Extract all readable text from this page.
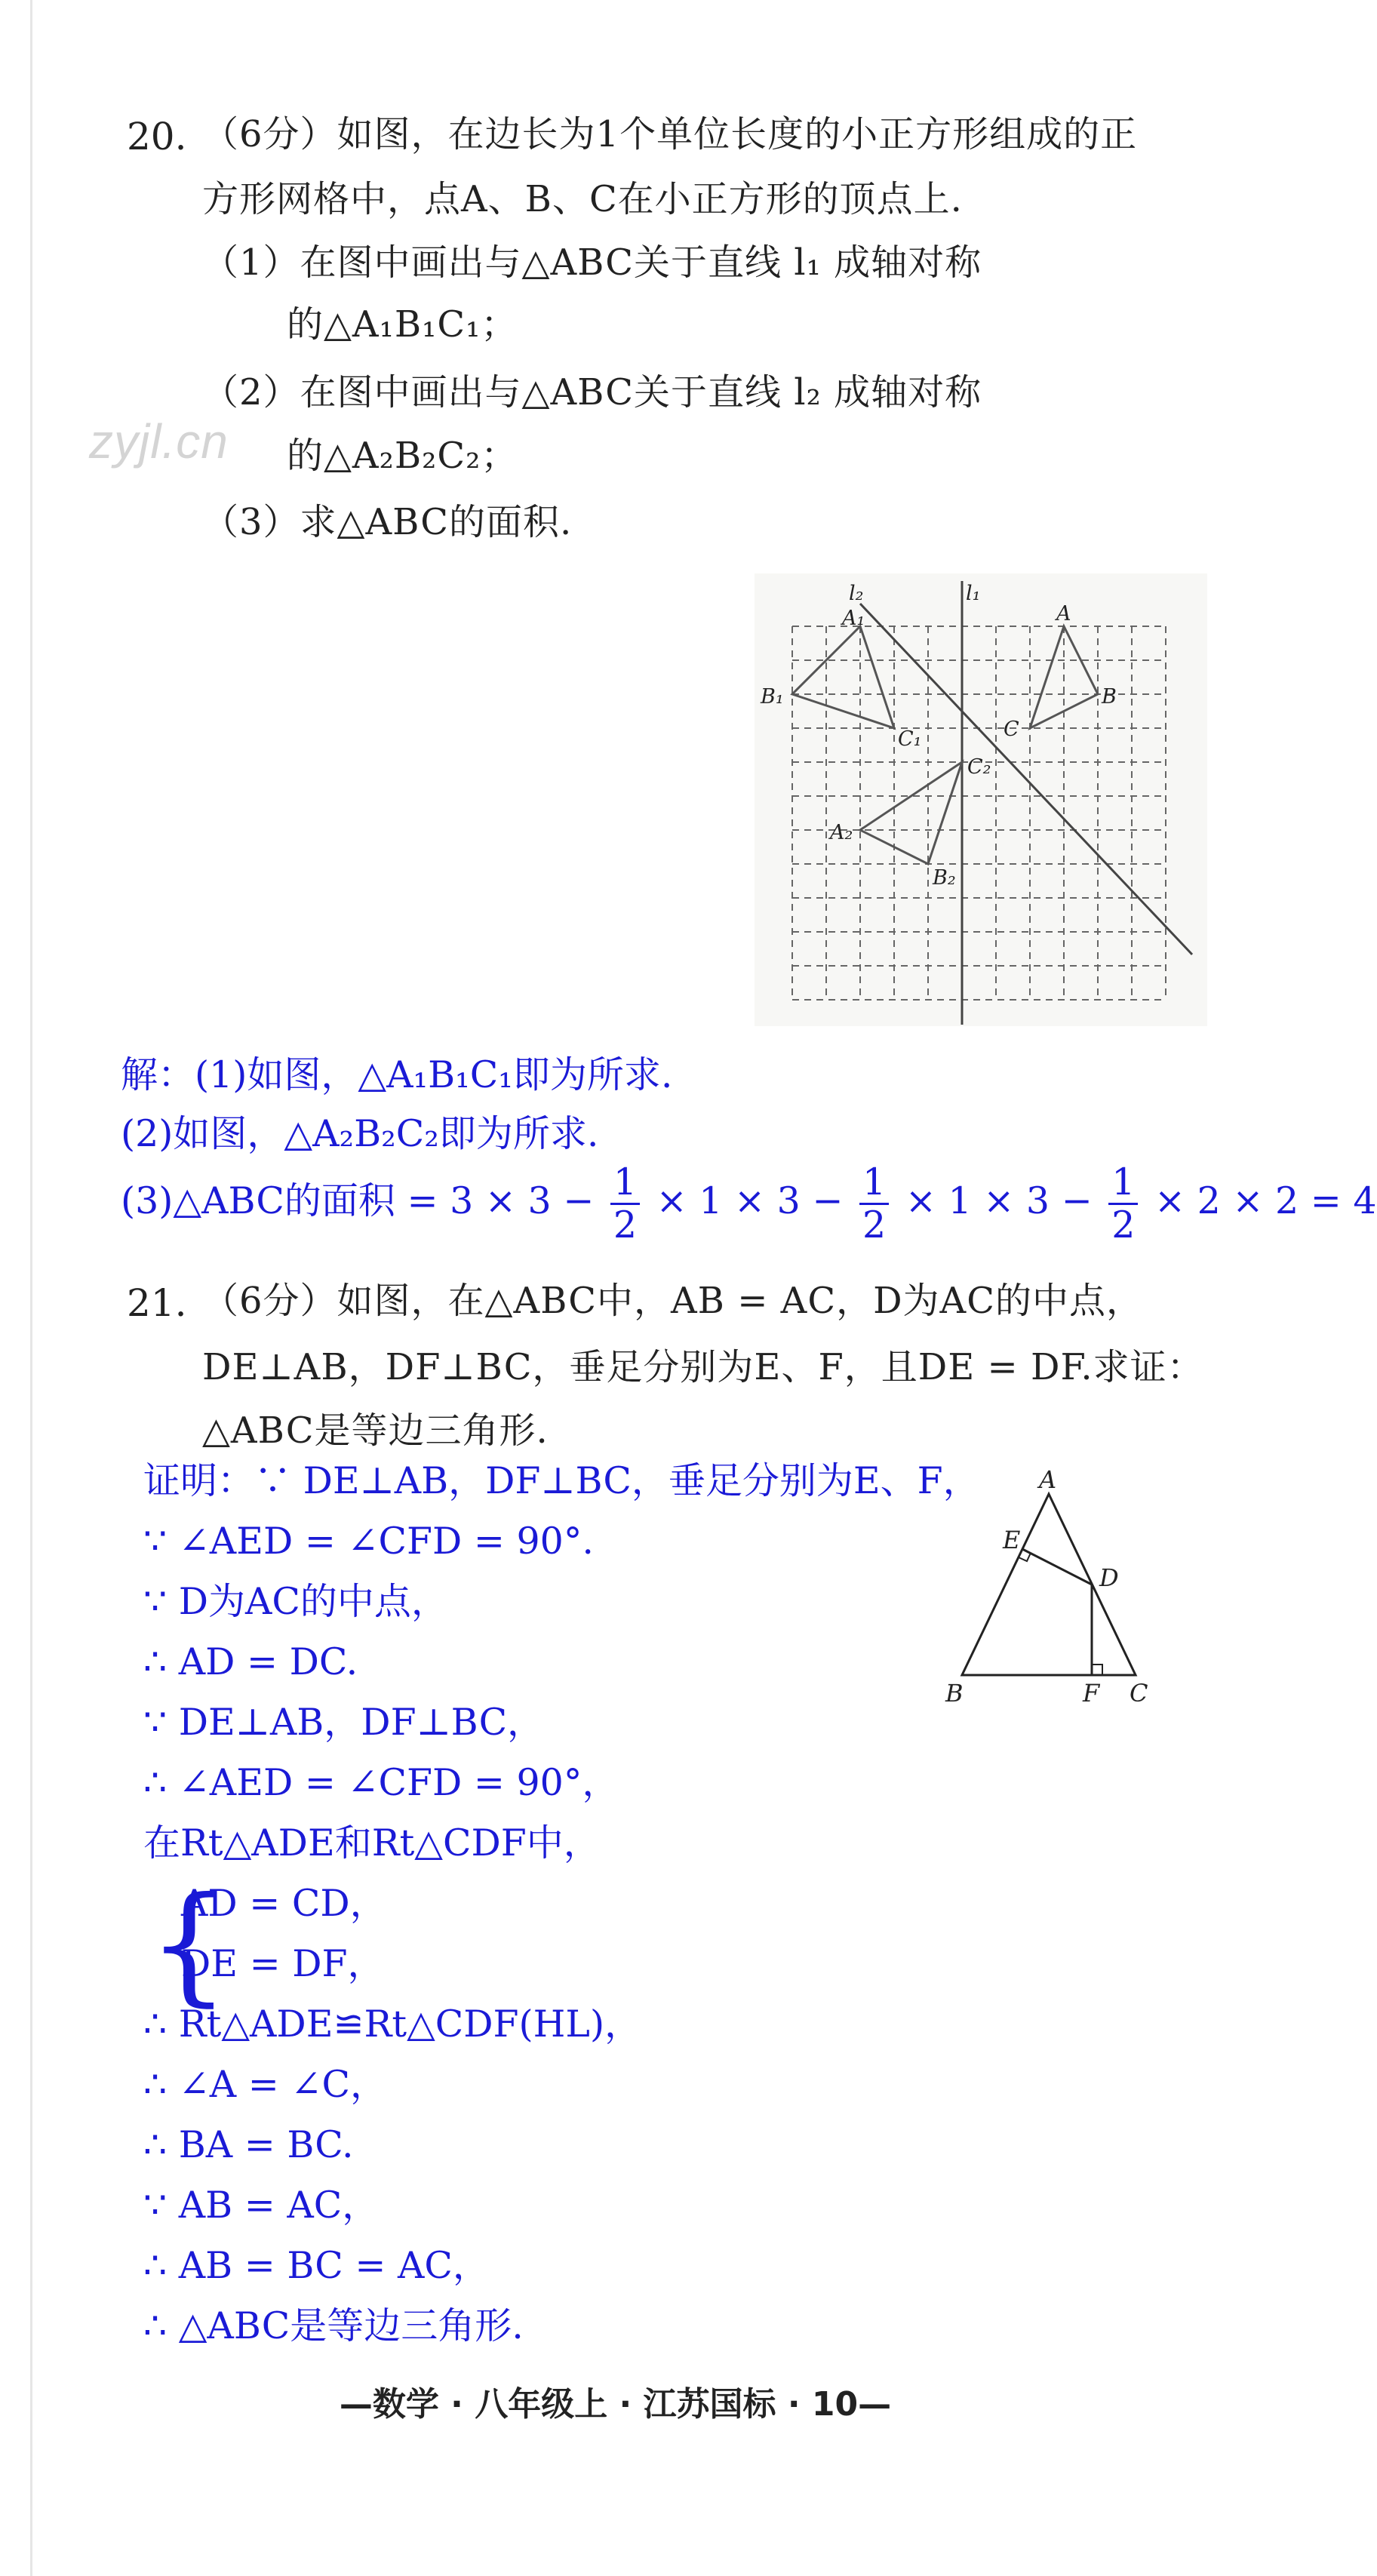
zyjl.cn
20. （6分）如图，在边长为1个单位长度的小正方形组成的正
方形网格中，点A、B、C在小正方形的顶点上.
（1）在图中画出与△ABC关于直线 l₁ 成轴对称
的△A₁B₁C₁；
（2）在图中画出与△ABC关于直线 l₂ 成轴对称
的△A₂B₂C₂；
（3）求△ABC的面积.
l₂	l₁
A
B
C
A₁
B₁
C₁
A₂
B₂
C₂
解：(1)如图，△A₁B₁C₁即为所求.
(2)如图，△A₂B₂C₂即为所求.
(3)△ABC的面积 = $3 \times 3 - \frac{1}{2} \times 1 \times 3 - \frac{1}{2} \times 1 \times 3 - \frac{1}{2} \times 2 \times 2 = 4$
21. （6分）如图，在△ABC中，AB = AC，D为AC的中点，
DE⊥AB，DF⊥BC，垂足分别为E、F，且DE = DF.求证：
△ABC是等边三角形.
A
E
D
B	F C
证明：∵ DE⊥AB，DF⊥BC，垂足分别为E、F，
∵ ∠AED = ∠CFD = 90°.
∵ D为AC的中点，
∴ AD = DC.
∵ DE⊥AB，DF⊥BC，
∴ ∠AED = ∠CFD = 90°，
在Rt△ADE和Rt△CDF中，
{
AD = CD，
DE = DF，
∴ Rt△ADE≌Rt△CDF(HL)，
∴ ∠A = ∠C，
∴ BA = BC.
∵ AB = AC，
∴ AB = BC = AC，
∴ △ABC是等边三角形.
—数学 · 八年级上 · 江苏国标 · 10—
